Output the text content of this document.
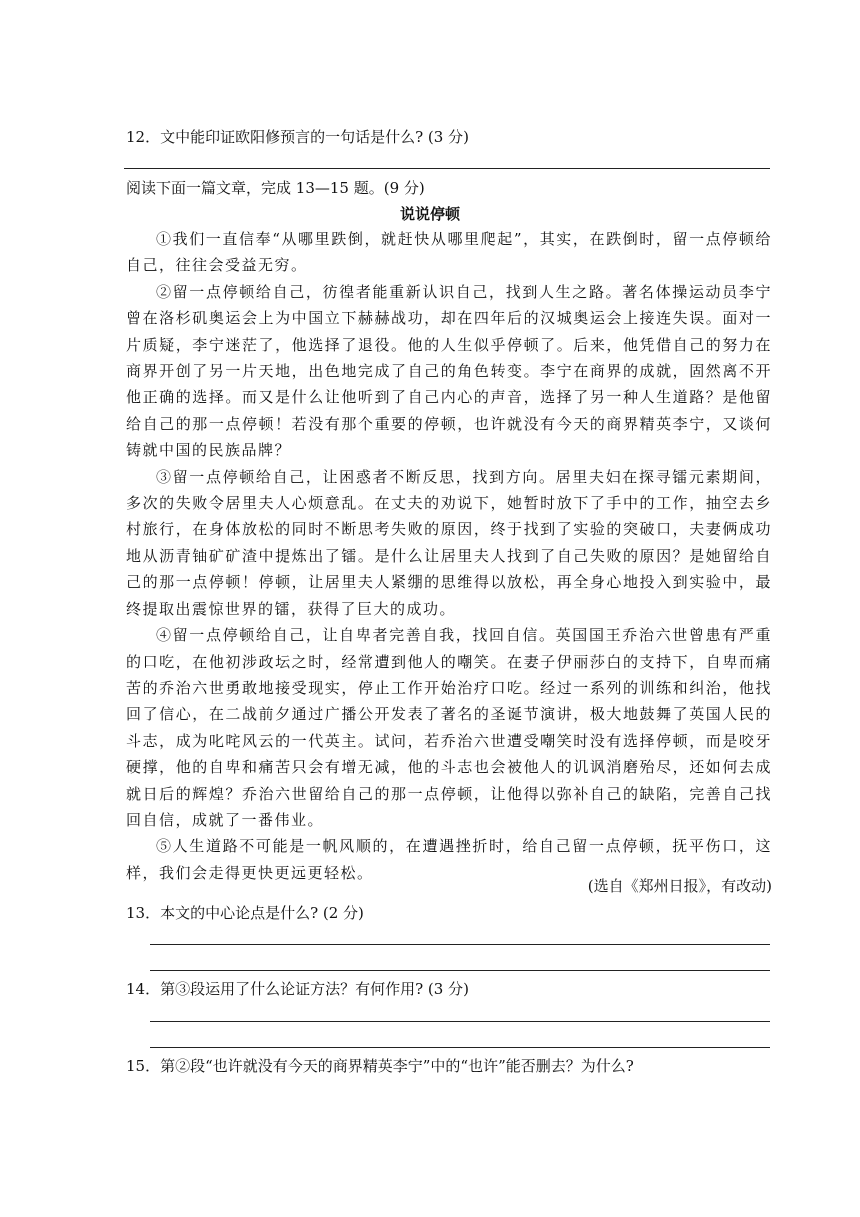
12．文中能印证欧阳修预言的一句话是什么? (3 分)

阅读下面一篇文章，完成 13—15 题。(9 分)

说说停顿

①我们一直信奉“从哪里跌倒，就赶快从哪里爬起”，其实，在跌倒时，留一点停顿给自己，往往会受益无穷。

②留一点停顿给自己，彷徨者能重新认识自己，找到人生之路。著名体操运动员李宁曾在洛杉矶奥运会上为中国立下赫赫战功，却在四年后的汉城奥运会上接连失误。面对一片质疑，李宁迷茫了，他选择了退役。他的人生似乎停顿了。后来，他凭借自己的努力在商界开创了另一片天地，出色地完成了自己的角色转变。李宁在商界的成就，固然离不开他正确的选择。而又是什么让他听到了自己内心的声音，选择了另一种人生道路？是他留给自己的那一点停顿！若没有那个重要的停顿，也许就没有今天的商界精英李宁，又谈何铸就中国的民族品牌？

③留一点停顿给自己，让困惑者不断反思，找到方向。居里夫妇在探寻镭元素期间，多次的失败令居里夫人心烦意乱。在丈夫的劝说下，她暂时放下了手中的工作，抽空去乡村旅行，在身体放松的同时不断思考失败的原因，终于找到了实验的突破口，夫妻俩成功地从沥青铀矿矿渣中提炼出了镭。是什么让居里夫人找到了自己失败的原因？是她留给自己的那一点停顿！停顿，让居里夫人紧绷的思维得以放松，再全身心地投入到实验中，最终提取出震惊世界的镭，获得了巨大的成功。

④留一点停顿给自己，让自卑者完善自我，找回自信。英国国王乔治六世曾患有严重的口吃，在他初涉政坛之时，经常遭到他人的嘲笑。在妻子伊丽莎白的支持下，自卑而痛苦的乔治六世勇敢地接受现实，停止工作开始治疗口吃。经过一系列的训练和纠治，他找回了信心，在二战前夕通过广播公开发表了著名的圣诞节演讲，极大地鼓舞了英国人民的斗志，成为叱咤风云的一代英主。试问，若乔治六世遭受嘲笑时没有选择停顿，而是咬牙硬撑，他的自卑和痛苦只会有增无减，他的斗志也会被他人的讥讽消磨殆尽，还如何去成就日后的辉煌？乔治六世留给自己的那一点停顿，让他得以弥补自己的缺陷，完善自己找回自信，成就了一番伟业。

⑤人生道路不可能是一帆风顺的，在遭遇挫折时，给自己留一点停顿，抚平伤口，这样，我们会走得更快更远更轻松。

(选自《郑州日报》，有改动)

13．本文的中心论点是什么? (2 分)

14．第③段运用了什么论证方法？有何作用? (3 分)

15．第②段“也许就没有今天的商界精英李宁”中的“也许”能否删去？为什么?
